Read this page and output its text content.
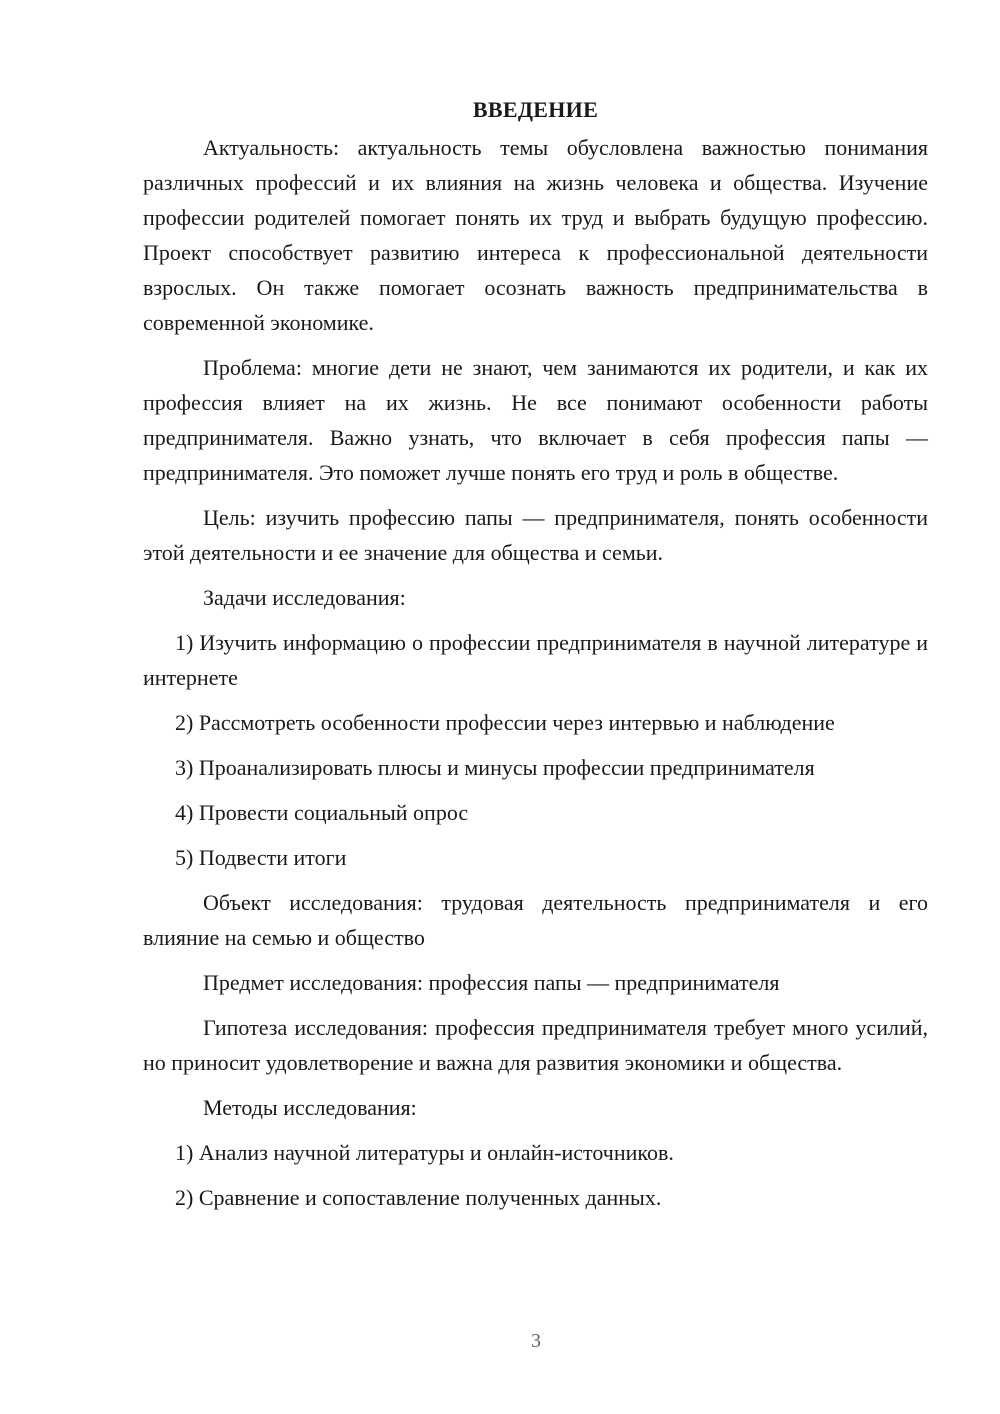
ВВЕДЕНИЕ
Актуальность: актуальность темы обусловлена важностью понимания различных профессий и их влияния на жизнь человека и общества. Изучение профессии родителей помогает понять их труд и выбрать будущую профессию. Проект способствует развитию интереса к профессиональной деятельности взрослых. Он также помогает осознать важность предпринимательства в современной экономике.
Проблема: многие дети не знают, чем занимаются их родители, и как их профессия влияет на их жизнь. Не все понимают особенности работы предпринимателя. Важно узнать, что включает в себя профессия папы — предпринимателя. Это поможет лучше понять его труд и роль в обществе.
Цель: изучить профессию папы — предпринимателя, понять особенности этой деятельности и ее значение для общества и семьи.
Задачи исследования:
1) Изучить информацию о профессии предпринимателя в научной литературе и интернете
2) Рассмотреть особенности профессии через интервью и наблюдение
3) Проанализировать плюсы и минусы профессии предпринимателя
4) Провести социальный опрос
5) Подвести итоги
Объект исследования: трудовая деятельность предпринимателя и его влияние на семью и общество
Предмет исследования: профессия папы — предпринимателя
Гипотеза исследования: профессия предпринимателя требует много усилий, но приносит удовлетворение и важна для развития экономики и общества.
Методы исследования:
1) Анализ научной литературы и онлайн-источников.
2) Сравнение и сопоставление полученных данных.
3
